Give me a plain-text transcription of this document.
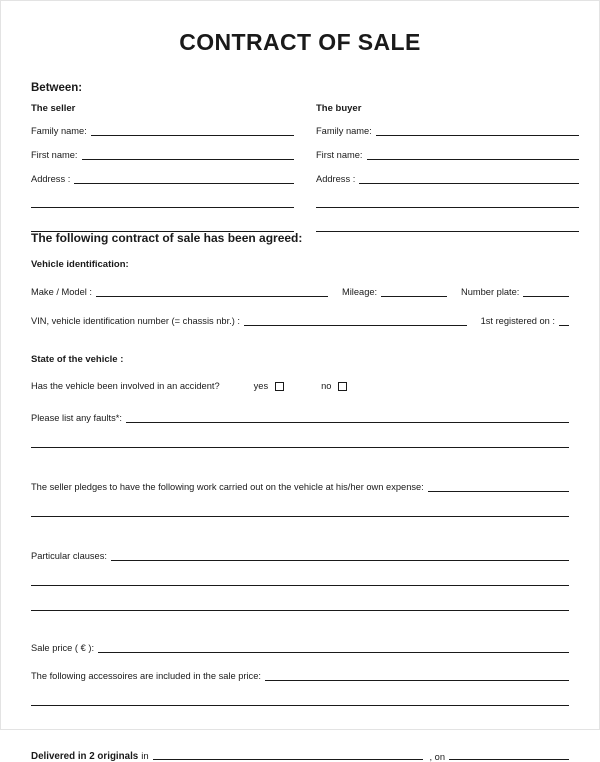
CONTRACT OF SALE
Between:
The seller
Family name:
First name:
Address :
The buyer
Family name:
First name:
Address :
The following contract of sale has been agreed:
Vehicle identification:
Make / Model :	Mileage:	Number plate:
VIN, vehicle identification number (= chassis nbr.) :	1st registered on :
State of the vehicle :
Has the vehicle been involved in an accident?	yes	no
Please list any faults*:
The seller pledges to have the following work carried out on the vehicle at his/her own expense:
Particular clauses:
Sale price ( € ):
The following accessoires are included in the sale price:
Delivered in 2 originals in	, on
